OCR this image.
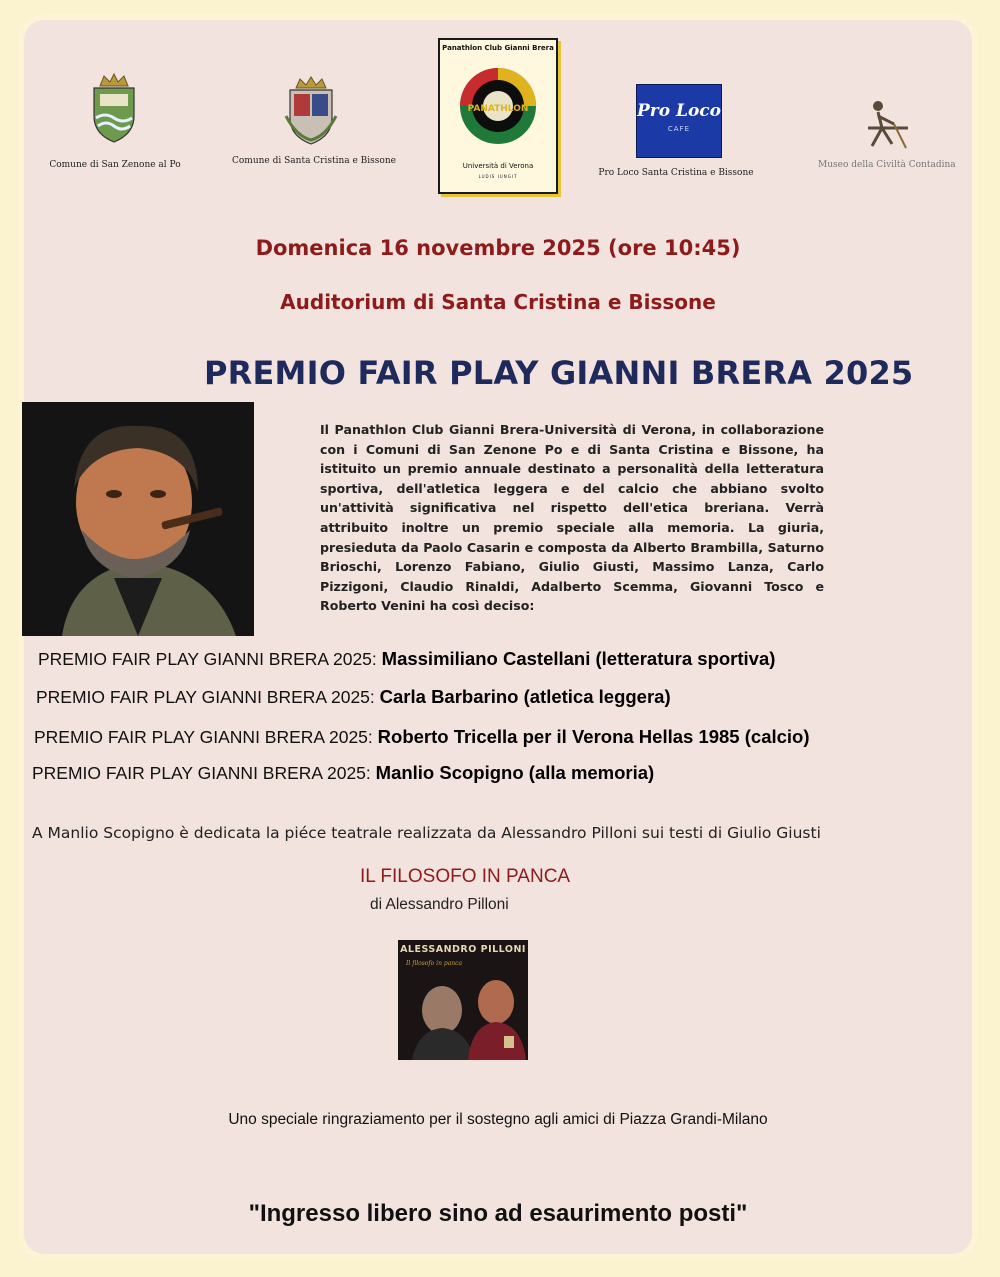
Comune di San Zenone al Po	Comune di Santa Cristina e Bissone
Panathlon Club Gianni Brera
PANATHLON
Università di Verona
LUDIS IUNGIT
Pro Loco
CAFE
Pro Loco Santa Cristina e Bissone
Museo della Civiltà Contadina
Domenica 16 novembre 2025 (ore 10:45)
Auditorium di Santa Cristina e Bissone
PREMIO FAIR PLAY GIANNI BRERA 2025
Il Panathlon Club Gianni Brera-Università di Verona, in collaborazione con i Comuni di San Zenone Po e di Santa Cristina e Bissone, ha istituito un premio annuale destinato a personalità della letteratura sportiva, dell'atletica leggera e del calcio che abbiano svolto un'attività significativa nel rispetto dell'etica breriana. Verrà attribuito inoltre un premio speciale alla memoria. La giuria, presieduta da Paolo Casarin e composta da Alberto Brambilla, Saturno Brioschi, Lorenzo Fabiano, Giulio Giusti, Massimo Lanza, Carlo Pizzigoni, Claudio Rinaldi, Adalberto Scemma, Giovanni Tosco e Roberto Venini ha così deciso:
PREMIO FAIR PLAY GIANNI BRERA 2025: Massimiliano Castellani (letteratura sportiva)
PREMIO FAIR PLAY GIANNI BRERA 2025: Carla Barbarino (atletica leggera)
PREMIO FAIR PLAY GIANNI BRERA 2025: Roberto Tricella per il Verona Hellas 1985 (calcio)
PREMIO FAIR PLAY GIANNI BRERA 2025: Manlio Scopigno (alla memoria)
A Manlio Scopigno è dedicata la piéce teatrale realizzata da Alessandro Pilloni sui testi di Giulio Giusti
IL FILOSOFO IN PANCA
di Alessandro Pilloni
ALESSANDRO PILLONI
Il filosofo in panca
Uno speciale ringraziamento per il sostegno agli amici di Piazza Grandi-Milano
"Ingresso libero sino ad esaurimento posti"
